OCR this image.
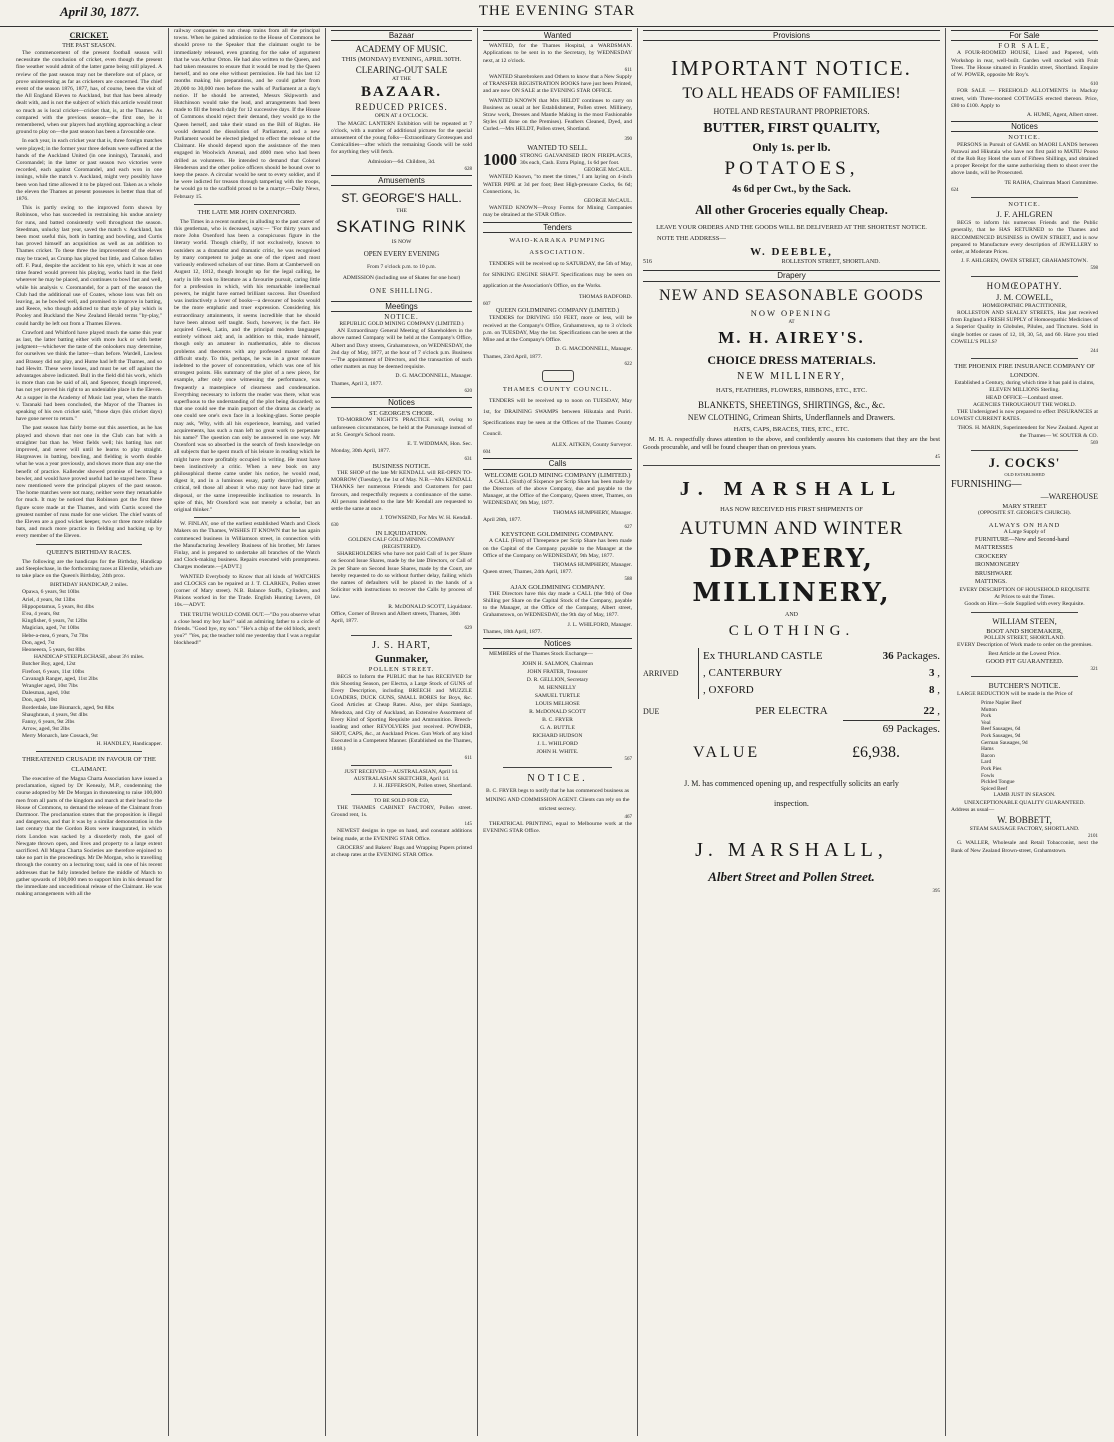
April 30, 1877.	THE EVENING STAR
CRICKET.
THE PAST SEASON.
The commencement of the present football season will necessitate the conclusion of cricket, even though the present fine weather would admit of the latter game being still played. A review of the past season may not be therefore out of place, or prove uninteresting as far as cricketers are concerned. The chief event of the season 1876, 1877, has, of course, been the visit of the All England Eleven to Auckland, but that has been already dealt with, and is not the subject of which this article would treat so much as is local cricket—cricket that, is, at the Thames. As compared with the previous season—the first one, be it remembered, when our players had anything approaching a clear ground to play on—the past season has been a favourable one.
In each year, in each cricket year that is, three foreign matches were played; in the former year three defeats were suffered at the hands of the Auckland United (in one innings), Taranaki, and Coromandel; in the latter or past season two victories were recorded, each against Coromandel, and each won in one innings, while the match v. Auckland, might very possibly have been won had time allowed it to be played out. Taken as a whole the eleven the Thames at present possesses is better than that of 1876.
This is partly owing to the improved form shown by Robinson, who has succeeded in restraining his undue anxiety for runs, and batted consistently well throughout the season. Steedman, unlucky last year, saved the match v. Auckland, has been most useful this, both in batting and bowling, and Curtis has proved himself an acquisition as well as an addition to Thames cricket. To these three the improvement of the eleven may be traced, as Crump has played but little, and Colson fallen off. F. Paul, despite the accident to his eye, which it was at one time feared would prevent his playing, works hard in the field wherever he may be placed, and continues to bowl fast and well, while his analysis v. Coromandel, for a part of the season the Club had the additional use of Coates, whose loss was felt on leaving, as he bowled well, and promised to improve in batting, and Reece, who though addicted to that style of play which is Pooley and Buckland the New Zealand Herald terms "by-play," could hardly be left out from a Thames Eleven.
Crawford and Whitford have played much the same this year as last, the latter batting either with more luck or with better judgment—whichever the taste of the onlookers may determine, for ourselves we think the latter—than before. Wardell, Lawless and Brassey did not play, and Hume had left the Thames, and so had Hewitt. These were losses, and must be set off against the advantages above indicated. Bull in the field did his work, which is more than can be said of all, and Spencer, though improved, has not yet proved his right to an undeniable place in the Eleven. At a supper in the Academy of Music last year, when the match v. Taranaki had been concluded, the Mayor of the Thames in speaking of his own cricket said, "those days (his cricket days) have gone never to return."
The past season has fairly borne out this assertion, as he has played and shown that not one in the Club can bat with a straighter bat than he. West fields well; his batting has not improved, and never will until he learns to play straight. Hargreaves in batting, bowling, and fielding is worth double what he was a year previously, and shows more than any one the benefit of practice. Kallender showed promise of becoming a bowler, and would have proved useful had he stayed here. These now mentioned were the principal players of the past season. The home matches were not many, neither were they remarkable for much. It may be noticed that Robinson got the first three figure score made at the Thames, and with Curtis scored the greatest number of runs made for one wicket. The chief wants of the Eleven are a good wicket keeper, two or three more reliable bats, and much more practice in fielding and backing up by every member of the Eleven.
QUEEN'S BIRTHDAY RACES.
The following are the handicaps for the Birthday, Handicap and Steeplechase, in the forthcoming races at Ellerslie, which are to take place on the Queen's Birthday, 24th prox.
BIRTHDAY HANDICAP, 2 miles.
Opawa, 6 years, 9st 10lbs
Ariel, 4 years, 8st 13lbs
Hippopotamus, 5 years, 8st 4lbs
E'ea, 4 years, 8st
Kingfisher, 6 years, 7st 12lbs
Magician, aged, 7st 10lbs
Hebe-a-mea, 6 years, 7st 7lbs
Don, aged, 7st
Heoneeera, 5 years, 6st 8lbs
HANDICAP STEEPLECHASE, about 3½ miles.
Butcher Boy, aged, 12st
Firefoot, 6 years, 11st 10lbs
Cavanagh Ranger, aged, 11st 2lbs
Wrangler aged, 10st 7lbs
Dalesman, aged, 10st
Don, aged, 10st
Borderdale, late Bismarck, aged, 9st 8lbs
Shaughraun, 4 years, 9st 4lbs
Fanny, 6 years, 9st 2lbs
Arrow, aged, 9st 2lbs
Merry Monarch, late Cossack, 9st
H. HANDLEY, Handicapper.
THREATENED CRUSADE IN FAVOUR OF THE CLAIMANT.
The executive of the Magna Charta Association have issued a proclamation, signed by Dr Kenealy, M.P., condemning the course adopted by Mr De Morgan in threatening to raise 100,000 men from all parts of the kingdom and march at their head to the House of Commons, to demand the release of the Claimant from Dartmoor. The proclamation states that the proposition is illegal and dangerous, and that it was by a similar demonstration in the last century that the Gordon Riots were inaugurated, in which riots London was sacked by a disorderly mob, the gaol of Newgate thrown open, and lives and property to a large extent sacrificed. All Magna Charta Societies are therefore enjoined to take no part in the proceedings. Mr De Morgan, who is travelling through the country on a lecturing tour, said in one of his recent addresses that he fully intended before the middle of March to gather upwards of 100,000 men to support him in his demand for the immediate and unconditional release of the Claimant. He was making arrangements with all the
railway companies to run cheap trains from all the principal towns. When he gained admission to the House of Commons he should prove to the Speaker that the claimant ought to be immediately released, even granting for the sake of argument that he was Arthur Orton. He had also written to the Queen, and had taken measures to ensure that it would be read by the Queen herself, and no one else without permission. He had his last 12 months making his preparations, and he could gather from 20,000 to 30,000 men before the walls of Parliament at a day's notice. If he should be arrested, Messrs Skipworth and Hutchinson would take the lead, and arrangements had been made to fill the breach daily for 12 successive days. If the House of Commons should reject their demand, they would go to the Queen herself, and take their stand on the Bill of Rights. He would demand the dissolution of Parliament, and a new Parliament would be elected pledged to effect the release of the Claimant. He should depend upon the assistance of the men engaged in Woolwich Arsenal, and 4000 men who had been drilled as volunteers. He intended to demand that Colonel Henderson and the other police officers should be bound over to keep the peace. A circular would be sent to every soldier, and if he were indicted for treason through tampering with the troops, he would go to the scaffold proud to be a martyr.—Daily News, February 15.
THE LATE MR JOHN OXENFORD.
The Times in a recent number, in alluding to the past career of this gentleman, who is deceased, says:— "For thirty years and more John Oxenford has been a conspicuous figure in the literary world. Though chiefly, if not exclusively, known to outsiders as a dramatist and dramatic critic, he was recognised by many competent to judge as one of the ripest and most variously endowed scholars of our time. Born at Camberwell on August 12, 1812, though brought up for the legal calling, he early in life took to literature as a favourite pursuit, caring little for a profession in which, with his remarkable intellectual powers, he might have earned brilliant success. But Oxenford was instinctively a lover of books—a devourer of books would be the more emphatic and truer expression. Considering his extraordinary attainments, it seems incredible that he should have been almost self taught. Such, however, is the fact. He acquired Greek, Latin, and the principal modern languages entirely without aid; and, in addition to this, made himself, though only an amateur in mathematics, able to discuss problems and theorems with any professed master of that difficult study. To this, perhaps, he was in a great measure indebted to the power of concentration, which was one of his strongest points. His summary of the plot of a new piece, for example, after only once witnessing the performance, was frequently a masterpiece of clearness and condensation. Everything necessary to inform the reader was there, what was superfluous to the understanding of the plot being discarded; so that one could see the main purport of the drama as clearly as one could see one's own face in a looking-glass. Some people may ask, 'Why, with all his experience, learning, and varied acquirements, has such a man left no great work to perpetuate his name?' The question can only be answered in one way. Mr Oxenford was so absorbed in the search of fresh knowledge on all subjects that he spent much of his leisure in reading which he might have more profitably occupied in writing. He must have been instinctively a critic. When a new book on any philosophical theme came under his notice, he would read, digest it, and in a luminous essay, partly descriptive, partly critical, tell those all about it who may not have had time at disposal, or the same irrepressible inclination to research. In spite of this, Mr Oxenford was not merely a scholar, but an original thinker."
W. FINLAY, one of the earliest established Watch and Clock Makers on the Thames, WISHES IT KNOWN that he has again commenced business in Williamson street, in connection with the Manufacturing Jewellery Business of his brother, Mr James Finlay, and is prepared to undertake all branches of the Watch and Clock-making business. Repairs executed with promptness. Charges moderate.—[ADVT.]
WANTED Everybody to Know that all kinds of WATCHES and CLOCKS can be repaired at J. T. CLARKE's, Pollen street (corner of Mary street). N.B. Balance Staffs, Cylinders, and Pinions worked in for the Trade. English Hunting Levers, £8 10s.—ADVT.
THE TRUTH WOULD COME OUT.—"Do you observe what a close head my boy has?" said an admiring father to a circle of friends. "Good bye, my son." "He's a chip of the old block, aren't you?" "Yes, pa; the teacher told me yesterday that I was a regular blockhead!"
Bazaar
ACADEMY OF MUSIC.
THIS (MONDAY) EVENING, APRIL 30TH.
CLEARING-OUT SALE
AT THE
BAZAAR.
REDUCED PRICES.
OPEN AT 4 O'CLOCK.
The MAGIC LANTERN Exhibition will be repeated at 7 o'clock, with a number of additional pictures for the special amusement of the young folks—Extraordinary Grotesques and Comicalities—after which the remaining Goods will be sold for anything they will fetch.
Admission—6d. Children, 3d.
628
Amusements
ST. GEORGE'S HALL.
THE
SKATING RINK
IS NOW
OPEN EVERY EVENING
From 7 o'clock p.m. to 10 p.m.
ADMISSION (including use of Skates for one hour)
ONE SHILLING.
Meetings
NOTICE.
REPUBLIC GOLD MINING COMPANY (LIMITED.)
AN Extraordinary General Meeting of Shareholders in the above named Company will be held at the Company's Office, Albert and Davy streets, Grahamstown, on WEDNESDAY, the 2nd day of May, 1877, at the hour of 7 o'clock p.m. Business—The appointment of Directors, and the transaction of such other matters as may be deemed requisite.
D. G. MACDONNELL, Manager.
Thames, April 3, 1877.
620
Notices
ST. GEORGE'S CHOIR.
TO-MORROW NIGHT'S PRACTICE will, owing to unforeseen circumstances, be held at the Parsonage instead of at St. George's School room.
E. T. WIDDMAN, Hon. Sec.
Monday, 30th April, 1877.
631
BUSINESS NOTICE.
THE SHOP of the late Mr KENDALL will RE-OPEN TO-MORROW (Tuesday), the 1st of May. N.B.—Mrs KENDALL THANKS her numerous Friends and Customers for past favours, and respectfully requests a continuance of the same. All persons indebted to the late Mr Kendall are requested to settle the same at once.
J. TOWNSEND, For Mrs W. H. Kendall.
630
IN LIQUIDATION.
GOLDEN CALF GOLD MINING COMPANY (REGISTERED).
SHAREHOLDERS who have not paid Call of 1s per Share on Second Issue Shares, made by the late Directors, or Call of 2s per Share on Second Issue Shares, made by the Court, are hereby requested to do so without further delay, failing which the names of defaulters will be placed in the hands of a Solicitor with instructions to recover the Calls by process of law.
R. McDONALD SCOTT, Liquidator.
Office, Corner of Brown and Albert streets, Thames, 30th April, 1877.
629
J. S. HART,
Gunmaker,
POLLEN STREET.
BEGS to Inform the PUBLIC that he has RECEIVED for this Shooting Season, per Electra, a Large Stock of GUNS of Every Description, including BREECH and MUZZLE LOADERS, DUCK GUNS, SMALL BORES for Boys, &c. Good Articles at Cheap Rates. Also, per ships Santiago, Mendoza, and City of Auckland, an Extensive Assortment of Every Kind of Sporting Requisite and Ammunition. Breech-loading and other REVOLVERS just received. POWDER, SHOT, CAPS, &c., at Auckland Prices. Gun Work of any kind Executed in a Competent Manner. (Established on the Thames, 1868.)
611
JUST RECEIVED— AUSTRALASIAN, April 14. AUSTRALASIAN SKETCHER, April 14.
J. H. JEFFERSON, Pollen street, Shortland.
TO BE SOLD FOR £50,
THE THAMES CABINET FACTORY, Pollen street. Ground rent, 1s.
145
NEWEST designs in type on hand, and constant additions being made, at the EVENING STAR Office.
GROCERS' and Bakers' Bags and Wrapping Papers printed at cheap rates at the EVENING STAR Office.
Wanted
WANTED, for the Thames Hospital, a WARDSMAN. Applications to be sent in to the Secretary, by WEDNESDAY next, at 12 o'clock.
611
WANTED Sharebrokers and Others to know that a New Supply of TRANSFER REGISTRATION BOOKS have just been Printed, and are now ON SALE at the EVENING STAR OFFICE.
WANTED KNOWN that Mrs HELDT continues to carry on Business as usual at her Establishment, Pollen street. Millinery, Straw work, Dresses and Mantle Making in the most Fashionable Styles (all done on the Premises). Feathers Cleaned, Dyed, and Curled.—Mrs HELDT, Pollen street, Shortland.
390
WANTED TO SELL.
1000 STRONG GALVANISED IRON FIREPLACES, 30s each, Cash. Extra Piping, 1s 6d per foot.
GEORGE McCAUL.
WANTED Known, "to meet the times," I am laying on 4-inch WATER PIPE at 3d per foot; Best High-pressure Cocks, 6s 6d; Connections, 1s.
GEORGE McCAUL.
WANTED KNOWN—Proxy Forms for Mining Companies may be obtained at the STAR Office.
Tenders
WAIO-KARAKA PUMPING ASSOCIATION.
TENDERS will be received up to SATURDAY, the 5th of May, for SINKING ENGINE SHAFT. Specifications may be seen on application at the Association's Office, on the Works.
THOMAS RADFORD.
607
QUEEN GOLDMINING COMPANY (LIMITED.)
TENDERS for DRIVING 150 FEET, more or less, will be received at the Company's Office, Grahamstown, up to 3 o'clock p.m. on TUESDAY, May the 1st. Specifications can be seen at the Mine and at the Company's Office.
D. G. MACDONNELL, Manager.
Thames, 23rd April, 1877.
622
THAMES COUNTY COUNCIL.
TENDERS will be received up to noon on TUESDAY, May 1st, for DRAINING SWAMPS between Hikutaia and Puriri. Specifications may be seen at the Offices of the Thames County Council.
ALEX. AITKEN, County Surveyor.
604
Calls
WELCOME GOLD MINING COMPANY (LIMITED.)
A CALL (Sixth) of Sixpence per Scrip Share has been made by the Directors of the above Company, due and payable to the Manager, at the Office of the Company, Queen street, Thames, on WEDNESDAY, 9th May, 1877.
THOMAS HUMPHERY, Manager.
April 28th, 1877.
627
KEYSTONE GOLDMINING COMPANY.
A CALL (First) of Threepence per Scrip Share has been made on the Capital of the Company payable to the Manager at the Office of the Company on WEDNESDAY, 9th May, 1877.
THOMAS HUMPHERY, Manager.
Queen street, Thames, 24th April, 1877.
588
AJAX GOLDMINING COMPANY.
THE Directors have this day made a CALL (the 9th) of One Shilling per Share on the Capital Stock of the Company, payable to the Manager, at the Office of the Company, Albert street, Grahamstown, on WEDNESDAY, the 9th day of May, 1877.
J. L. WHILFORD, Manager.
Thames, 18th April, 1877.
Notices
MEMBERS of the Thames Stock Exchange—
JOHN H. SALMON, Chairman
JOHN FRATER, Treasurer
D. R. GELLION, Secretary
M. HENNELLY
SAMUEL TURTLE
LOUIS MELHOSE
R. McDONALD SCOTT
B. C. FRYER
G. A. BUTTLE
RICHARD HUDSON
J. L. WHILFORD
JOHN H. WHITE.
567
NOTICE.
B. C. FRYER begs to notify that he has commenced business as MINING AND COMMISSION AGENT. Clients can rely on the strictest secrecy.
467
THEATRICAL PRINTING, equal to Melbourne work at the EVENING STAR Office.
Provisions
IMPORTANT NOTICE.
TO ALL HEADS OF FAMILIES!
HOTEL AND RESTAURANT PROPRIETORS.
BUTTER, FIRST QUALITY,
Only 1s. per lb.
POTATOES,
4s 6d per Cwt., by the Sack.
All other Groceries equally Cheap.
LEAVE YOUR ORDERS AND THE GOODS WILL BE DELIVERED AT THE SHORTEST NOTICE.
NOTE THE ADDRESS—
W. DEEBLE,
516	ROLLESTON STREET, SHORTLAND.
Drapery
NEW AND SEASONABLE GOODS
NOW OPENING
AT
M. H. AIREY'S.
CHOICE DRESS MATERIALS.
NEW MILLINERY,
HATS, FEATHERS, FLOWERS, RIBBONS, ETC., ETC.
BLANKETS, SHEETINGS, SHIRTINGS, &c., &c.
NEW CLOTHING, Crimean Shirts, Underflannels and Drawers.
HATS, CAPS, BRACES, TIES, ETC., ETC.
M. H. A. respectfully draws attention to the above, and confidently assures his customers that they are the best Goods procurable, and will be found cheaper than on previous years.
45
J. MARSHALL
HAS NOW RECEIVED HIS FIRST SHIPMENTS OF
AUTUMN AND WINTER
DRAPERY, MILLINERY,
AND
CLOTHING.
ARRIVED
Ex THURLAND CASTLE	36 Packages.
, CANTERBURY	3 ,
, OXFORD	8 ,
DUE	PER ELECTRA	22 ,
69 Packages.
VALUE	£6,938.
J. M. has commenced opening up, and respectfully solicits an early inspection.
J. MARSHALL,
Albert Street and Pollen Street.
395
For Sale
FOR SALE,
A FOUR-ROOMED HOUSE, Lined and Papered, with Workshop in rear, well-built. Garden well stocked with Fruit Trees. The House situated in Franklin street, Shortland. Enquire of W. POWER, opposite Mr Roy's.
610
FOR SALE — FREEHOLD ALLOTMENTS in Mackay street, with Three-roomed COTTAGES erected thereon. Price, £80 to £100. Apply to
A. HUME, Agent, Albert street.
Notices
NOTICE.
PERSONS in Pursuit of GAME on MAORI LANDS between Parawai and Hikutaia who have not first paid to MATIU Poono of the Rob Roy Hotel the sum of Fifteen Shillings, and obtained a proper Receipt for the same authorising them to shoot over the above lands, will be Prosecuted.
TE RAIHA, Chairman Maori Committee.
624
NOTICE.
J. F. AHLGREN
BEGS to inform his numerous Friends and the Public generally, that he HAS RETURNED to the Thames and RECOMMENCED BUSINESS in OWEN STREET, and is now prepared to Manufacture every description of JEWELLERY to order, at Moderate Prices.
J. F. AHLGREN, OWEN STREET, GRAHAMSTOWN.
598
HOMŒOPATHY.
J. M. COWELL,
HOMŒOPATHIC PRACTITIONER,
ROLLESTON AND SEALEY STREETS, Has just received from England a FRESH SUPPLY of Homoeopathic Medicines of a Superior Quality in Globules, Pilules, and Tinctures. Sold in single bottles or cases of 12, 18, 30, 54, and 60. Have you tried COWELL'S PILLS?
244
THE PHOENIX FIRE INSURANCE COMPANY OF LONDON.
Established a Century, during which time it has paid in claims, ELEVEN MILLIONS Sterling.
HEAD OFFICE—Lombard street.
AGENCIES THROUGHOUT THE WORLD.
THE Undersigned is now prepared to effect INSURANCES at LOWEST CURRENT RATES.
THOS. H. MARIN, Superintendent for New Zealand. Agent at the Thames— W. SOUTER & CO.
569
J. COCKS'
OLD ESTABLISHED
FURNISHING—
—WAREHOUSE
MARY STREET
(OPPOSITE ST. GEORGE'S CHURCH).
ALWAYS ON HAND
A Large Supply of
FURNITURE—New and Second-hand
MATTRESSES
CROCKERY
IRONMONGERY
BRUSHWARE
MATTINGS.
EVERY DESCRIPTION OF HOUSEHOLD REQUISITE
At Prices to suit the Times.
Goods on Hire.—Sole Supplied with every Requisite.
WILLIAM STEEN,
BOOT AND SHOEMAKER,
POLLEN STREET, SHORTLAND.
EVERY Description of Work made to order on the premises.
Best Article at the Lowest Price.
GOOD FIT GUARANTEED.
321
BUTCHER'S NOTICE.
LARGE REDUCTION will be made in the Price of
Prime Napier Beef
Mutton
Pork
Veal
Beef Sausages, 6d
Pork Sausages, 9d
German Sausages, 9d
Hams
Bacon
Lard
Pork Pies
Fowls
Pickled Tongue
Spiced Beef
LAMB JUST IN SEASON.
UNEXCEPTIONABLE QUALITY GUARANTEED.
Address as usual—
W. BOBBETT,
STEAM SAUSAGE FACTORY, SHORTLAND.
2101
G. WALLER, Wholesale and Retail Tobacconist, next the Bank of New Zealand Brown-street, Grahamstown.
